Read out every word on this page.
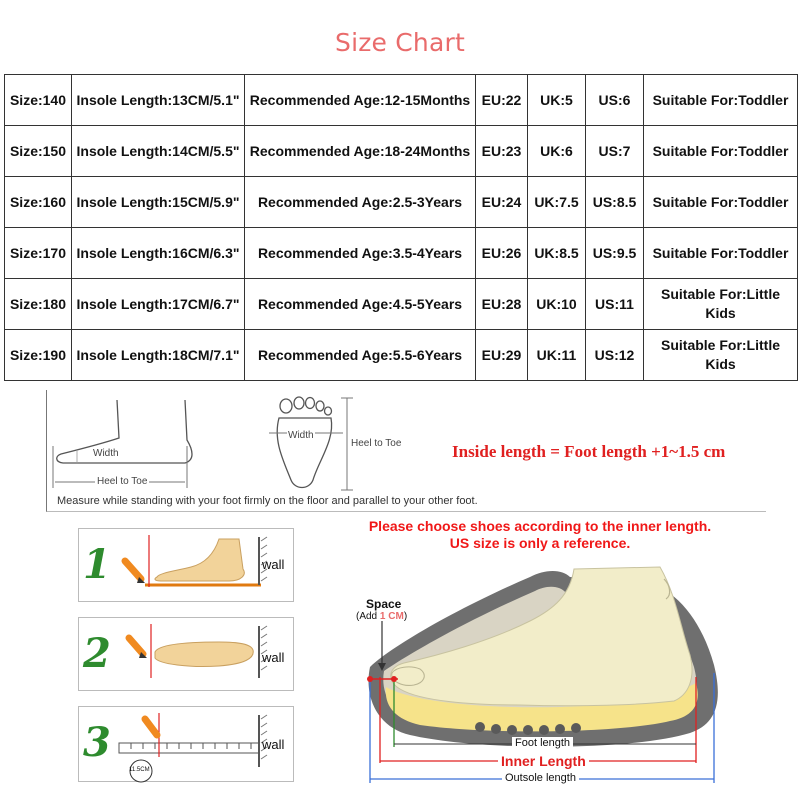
Size Chart
Size:140	Insole Length:13CM/5.1"	Recommended Age:12-15Months	EU:22	UK:5	US:6	Suitable For:Toddler
Size:150	Insole Length:14CM/5.5"	Recommended Age:18-24Months	EU:23	UK:6	US:7	Suitable For:Toddler
Size:160	Insole Length:15CM/5.9"	Recommended Age:2.5-3Years	EU:24	UK:7.5	US:8.5	Suitable For:Toddler
Size:170	Insole Length:16CM/6.3"	Recommended Age:3.5-4Years	EU:26	UK:8.5	US:9.5	Suitable For:Toddler
Size:180	Insole Length:17CM/6.7"	Recommended Age:4.5-5Years	EU:28	UK:10	US:11	Suitable For:Little Kids
Size:190	Insole Length:18CM/7.1"	Recommended Age:5.5-6Years	EU:29	UK:11	US:12	Suitable For:Little Kids
Width
Heel to Toe
Width
Heel to Toe
Measure while standing with your foot firmly on the floor and parallel to your other foot.
Inside length = Foot length +1~1.5 cm
Please choose shoes according to the inner length.
US size is only a reference.
1	wall
2	wall
3
11.5CM
wall
Space
(Add 1 CM)
Foot length
Inner Length
Outsole length
